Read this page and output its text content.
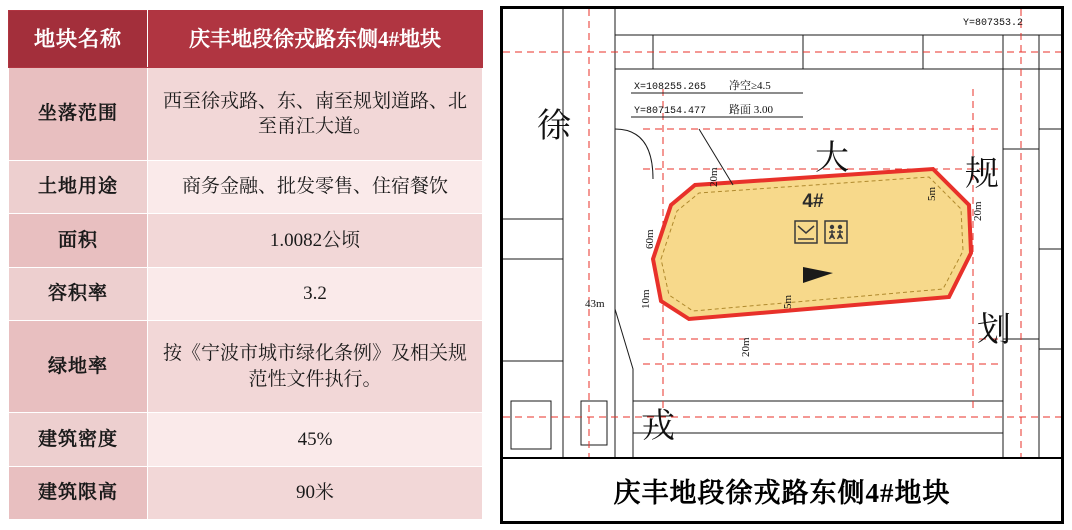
地块名称	庆丰地段徐戎路东侧4#地块
坐落范围	西至徐戎路、东、南至规划道路、北至甬江大道。
土地用途	商务金融、批发零售、住宿餐饮
面积	1.0082公顷
容积率	3.2
绿地率	按《宁波市城市绿化条例》及相关规范性文件执行。
建筑密度	45%
建筑限高	90米
4#
X=108255.265
Y=807154.477
净空≥4.5
路面 3.00
Y=807353.2
20m
20m
5m
5m
20m
10m
43m
60m
徐
戎
大	规
划
庆丰地段徐戎路东侧4#地块
